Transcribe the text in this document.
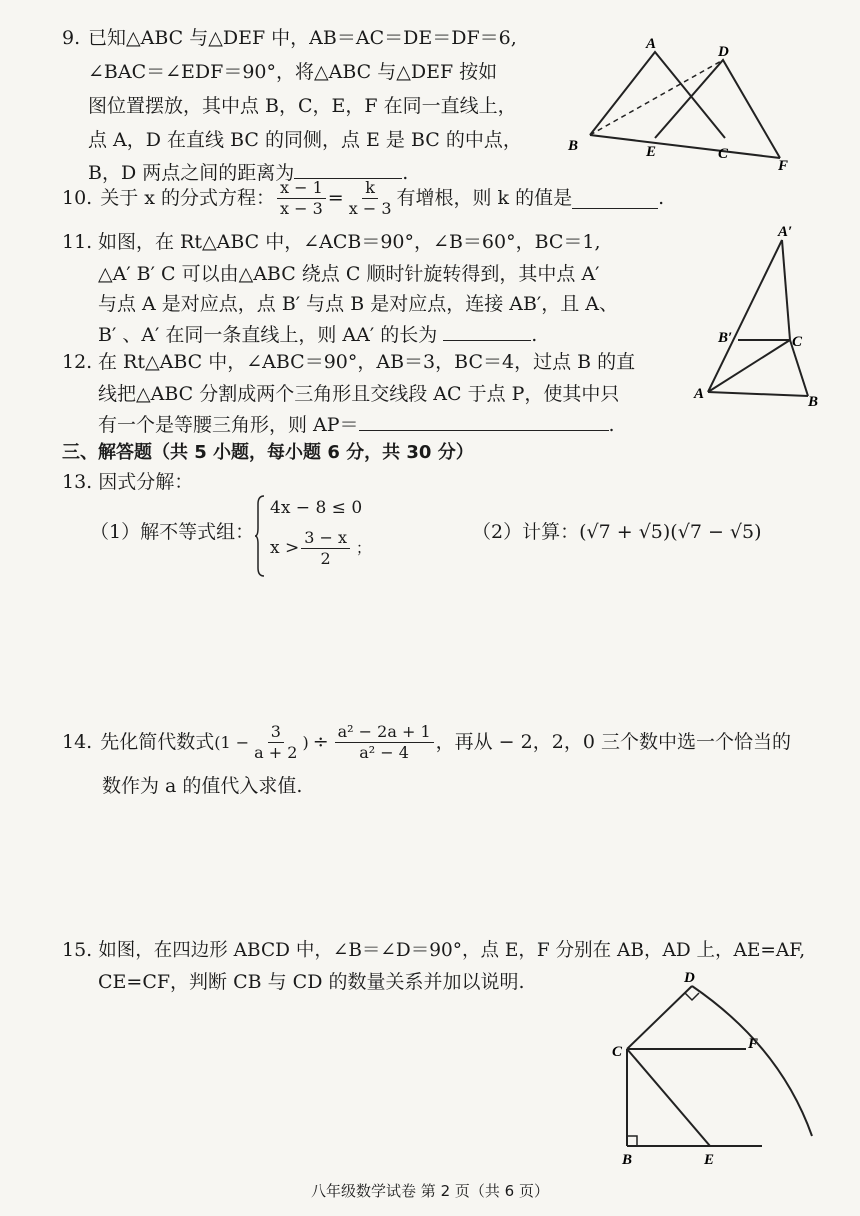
9. 已知△ABC 与△DEF 中，AB＝AC＝DE＝DF＝6,
∠BAC＝∠EDF＝90°，将△ABC 与△DEF 按如
图位置摆放，其中点 B，C，E，F 在同一直线上，
点 A，D 在直线 BC 的同侧，点 E 是 BC 的中点，
B，D 两点之间的距离为	.
A	D
B	E	C
F
10. 关于 x 的分式方程： $\frac{x - 1}{x - 3} = \frac{k}{x - 3}$ 有增根，则 k 的值是	.
11. 如图，在 Rt△ABC 中，∠ACB＝90°，∠B＝60°，BC＝1,
△A′ B′ C 可以由△ABC 绕点 C 顺时针旋转得到，其中点 A′
与点 A 是对应点，点 B′ 与点 B 是对应点，连接 AB′，且 A、
B′ 、A′ 在同一条直线上，则 AA′ 的长为	.
A′
B′	C
A	B
12. 在 Rt△ABC 中，∠ABC＝90°，AB＝3，BC＝4，过点 B 的直
线把△ABC 分割成两个三角形且交线段 AC 于点 P，使其中只
有一个是等腰三角形，则 AP＝	.
三、解答题（共 5 小题，每小题 6 分，共 30 分）
13. 因式分解：
（1）解不等式组：
4x − 8 ≤ 0
$x > \frac{3 - x}{2}$ ；
（2）计算：(√7 + √5)(√7 − √5)
14. 先化简代数式 ($1 - \frac{3}{a + 2}$ ) ÷ $\frac{\text{a² − 2a + 1}}{\text{a² − 4}}$ ，再从 − 2，2，0 三个数中选一个恰当的
数作为 a 的值代入求值.
15. 如图，在四边形 ABCD 中，∠B＝∠D＝90°，点 E，F 分别在 AB，AD 上，AE=AF,
CE=CF，判断 CB 与 CD 的数量关系并加以说明.	D
C	F
B	E
八年级数学试卷 第 2 页（共 6 页）
